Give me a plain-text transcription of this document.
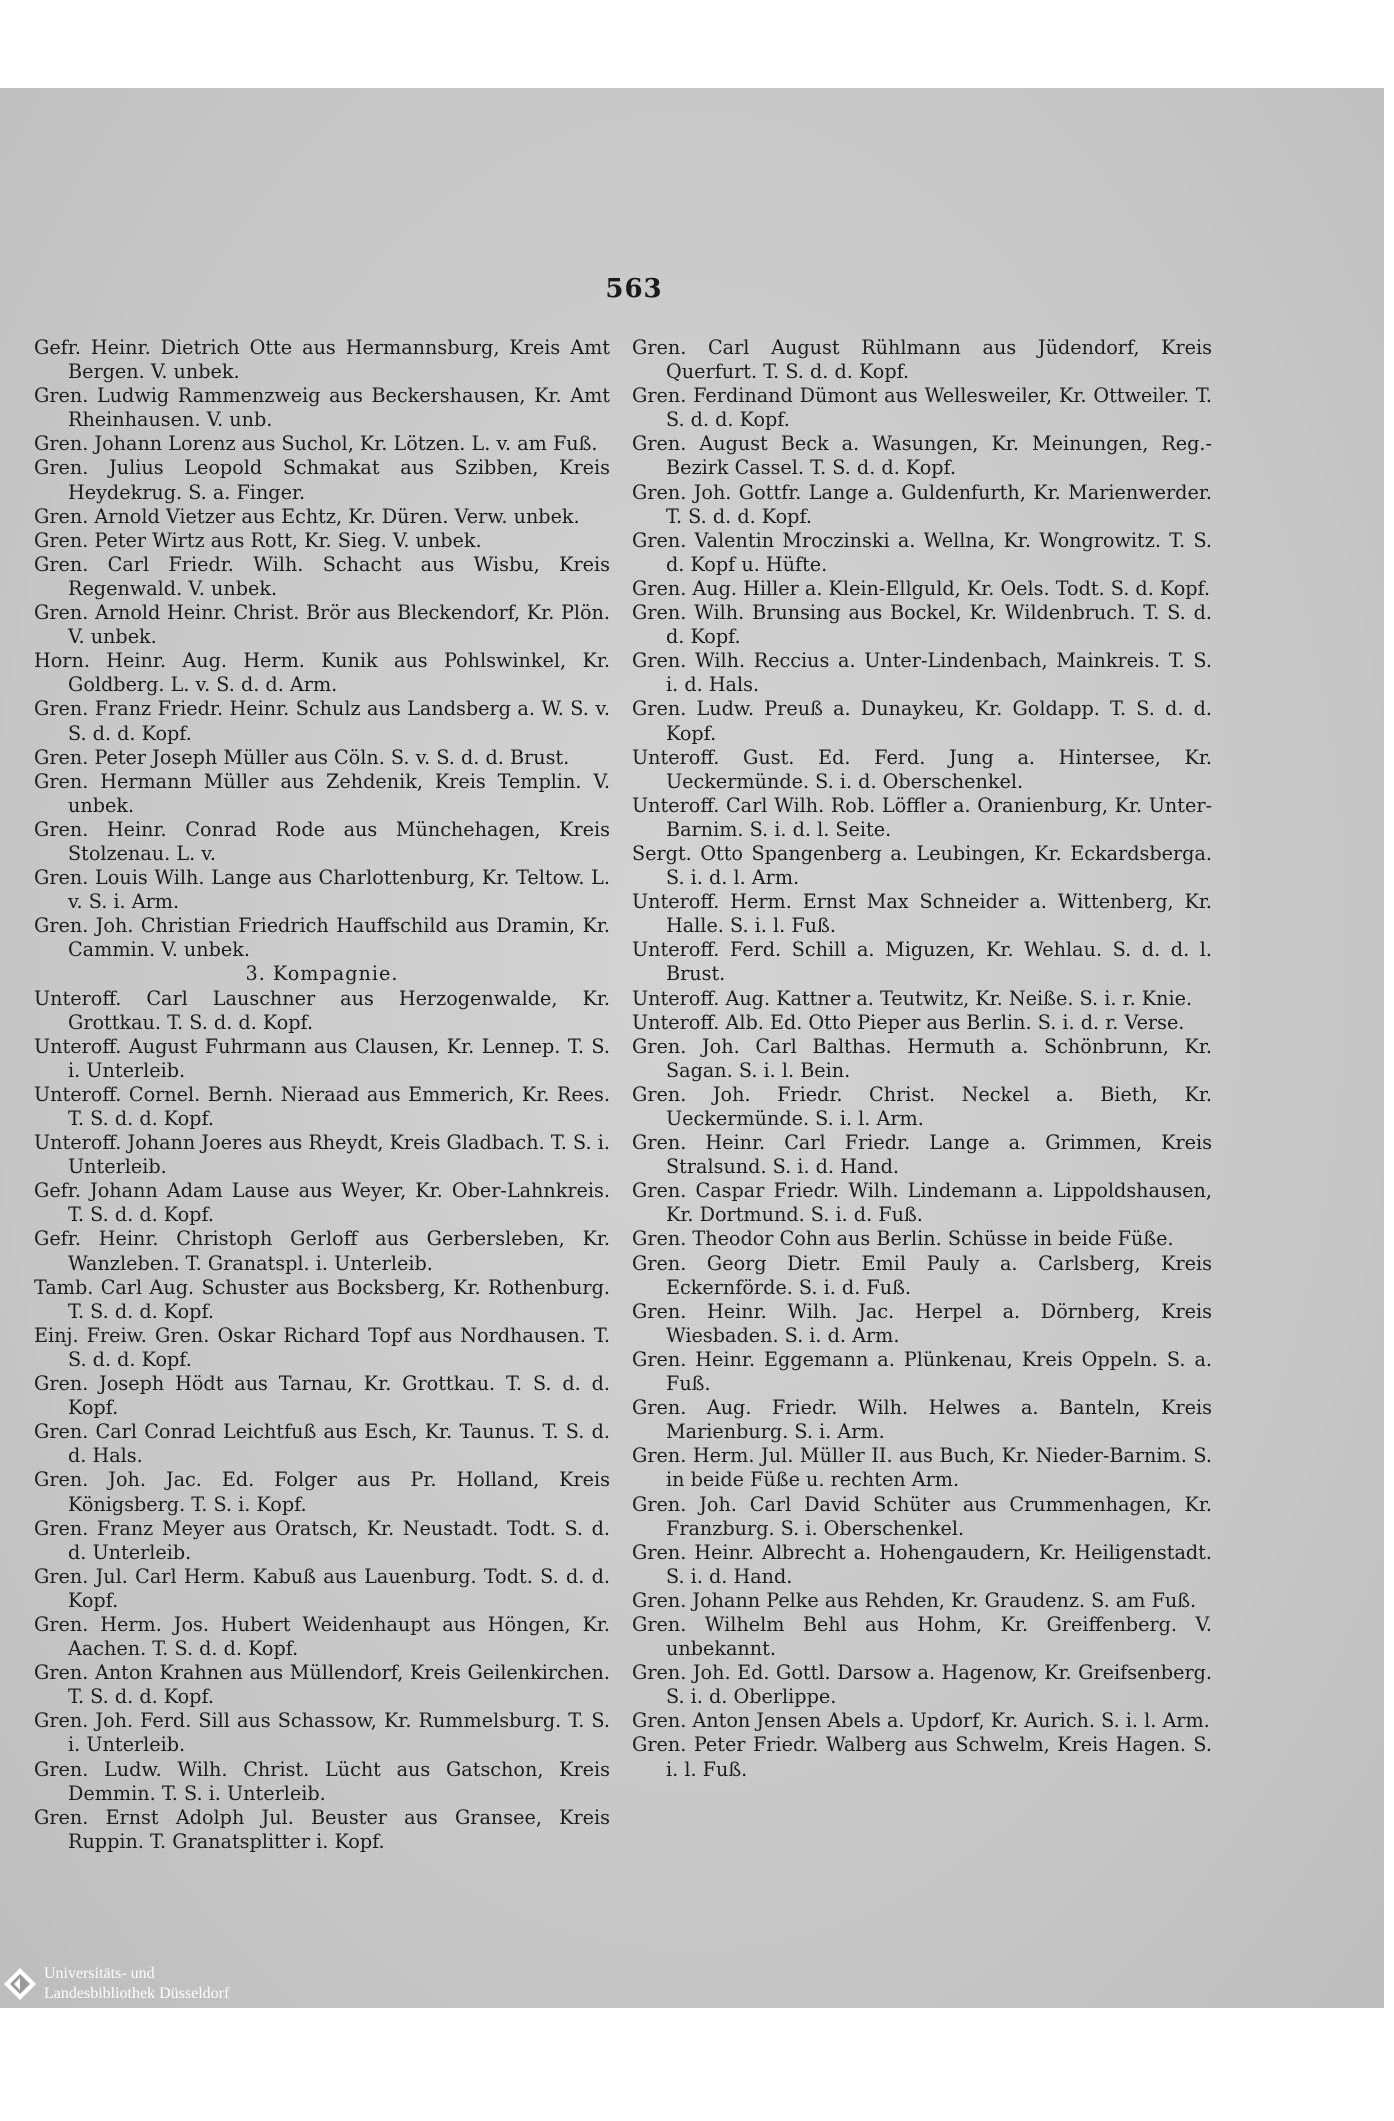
563

Gefr. Heinr. Dietrich Otte aus Hermannsburg, Kreis Amt Bergen. V. unbek.

Gren. Ludwig Rammenzweig aus Beckershausen, Kr. Amt Rheinhausen. V. unb.

Gren. Johann Lorenz aus Suchol, Kr. Lötzen. L. v. am Fuß.

Gren. Julius Leopold Schmakat aus Szibben, Kreis Heydekrug. S. a. Finger.

Gren. Arnold Vietzer aus Echtz, Kr. Düren. Verw. unbek.

Gren. Peter Wirtz aus Rott, Kr. Sieg. V. unbek.

Gren. Carl Friedr. Wilh. Schacht aus Wisbu, Kreis Regenwald. V. unbek.

Gren. Arnold Heinr. Christ. Brör aus Bleckendorf, Kr. Plön. V. unbek.

Horn. Heinr. Aug. Herm. Kunik aus Pohlswinkel, Kr. Goldberg. L. v. S. d. d. Arm.

Gren. Franz Friedr. Heinr. Schulz aus Landsberg a. W. S. v. S. d. d. Kopf.

Gren. Peter Joseph Müller aus Cöln. S. v. S. d. d. Brust.

Gren. Hermann Müller aus Zehdenik, Kreis Templin. V. unbek.

Gren. Heinr. Conrad Rode aus Münchehagen, Kreis Stolzenau. L. v.

Gren. Louis Wilh. Lange aus Charlottenburg, Kr. Teltow. L. v. S. i. Arm.

Gren. Joh. Christian Friedrich Hauffschild aus Dramin, Kr. Cammin. V. unbek.

3. Kompagnie.

Unteroff. Carl Lauschner aus Herzogenwalde, Kr. Grottkau. T. S. d. d. Kopf.

Unteroff. August Fuhrmann aus Clausen, Kr. Lennep. T. S. i. Unterleib.

Unteroff. Cornel. Bernh. Nieraad aus Emmerich, Kr. Rees. T. S. d. d. Kopf.

Unteroff. Johann Joeres aus Rheydt, Kreis Gladbach. T. S. i. Unterleib.

Gefr. Johann Adam Lause aus Weyer, Kr. Ober-Lahnkreis. T. S. d. d. Kopf.

Gefr. Heinr. Christoph Gerloff aus Gerbersleben, Kr. Wanzleben. T. Granatspl. i. Unterleib.

Tamb. Carl Aug. Schuster aus Bocksberg, Kr. Rothenburg. T. S. d. d. Kopf.

Einj. Freiw. Gren. Oskar Richard Topf aus Nordhausen. T. S. d. d. Kopf.

Gren. Joseph Hödt aus Tarnau, Kr. Grottkau. T. S. d. d. Kopf.

Gren. Carl Conrad Leichtfuß aus Esch, Kr. Taunus. T. S. d. d. Hals.

Gren. Joh. Jac. Ed. Folger aus Pr. Holland, Kreis Königsberg. T. S. i. Kopf.

Gren. Franz Meyer aus Oratsch, Kr. Neustadt. Todt. S. d. d. Unterleib.

Gren. Jul. Carl Herm. Kabuß aus Lauenburg. Todt. S. d. d. Kopf.

Gren. Herm. Jos. Hubert Weidenhaupt aus Höngen, Kr. Aachen. T. S. d. d. Kopf.

Gren. Anton Krahnen aus Müllendorf, Kreis Geilenkirchen. T. S. d. d. Kopf.

Gren. Joh. Ferd. Sill aus Schassow, Kr. Rummelsburg. T. S. i. Unterleib.

Gren. Ludw. Wilh. Christ. Lücht aus Gatschon, Kreis Demmin. T. S. i. Unterleib.

Gren. Ernst Adolph Jul. Beuster aus Gransee, Kreis Ruppin. T. Granatsplitter i. Kopf.

Gren. Carl August Rühlmann aus Jüdendorf, Kreis Querfurt. T. S. d. d. Kopf.

Gren. Ferdinand Dümont aus Wellesweiler, Kr. Ottweiler. T. S. d. d. Kopf.

Gren. August Beck a. Wasungen, Kr. Meinungen, Reg.-Bezirk Cassel. T. S. d. d. Kopf.

Gren. Joh. Gottfr. Lange a. Guldenfurth, Kr. Marienwerder. T. S. d. d. Kopf.

Gren. Valentin Mroczinski a. Wellna, Kr. Wongrowitz. T. S. d. Kopf u. Hüfte.

Gren. Aug. Hiller a. Klein-Ellguld, Kr. Oels. Todt. S. d. Kopf.

Gren. Wilh. Brunsing aus Bockel, Kr. Wildenbruch. T. S. d. d. Kopf.

Gren. Wilh. Reccius a. Unter-Lindenbach, Mainkreis. T. S. i. d. Hals.

Gren. Ludw. Preuß a. Dunaykeu, Kr. Goldapp. T. S. d. d. Kopf.

Unteroff. Gust. Ed. Ferd. Jung a. Hintersee, Kr. Ueckermünde. S. i. d. Oberschenkel.

Unteroff. Carl Wilh. Rob. Löffler a. Oranienburg, Kr. Unter-Barnim. S. i. d. l. Seite.

Sergt. Otto Spangenberg a. Leubingen, Kr. Eckardsberga. S. i. d. l. Arm.

Unteroff. Herm. Ernst Max Schneider a. Wittenberg, Kr. Halle. S. i. l. Fuß.

Unteroff. Ferd. Schill a. Miguzen, Kr. Wehlau. S. d. d. l. Brust.

Unteroff. Aug. Kattner a. Teutwitz, Kr. Neiße. S. i. r. Knie.

Unteroff. Alb. Ed. Otto Pieper aus Berlin. S. i. d. r. Verse.

Gren. Joh. Carl Balthas. Hermuth a. Schönbrunn, Kr. Sagan. S. i. l. Bein.

Gren. Joh. Friedr. Christ. Neckel a. Bieth, Kr. Ueckermünde. S. i. l. Arm.

Gren. Heinr. Carl Friedr. Lange a. Grimmen, Kreis Stralsund. S. i. d. Hand.

Gren. Caspar Friedr. Wilh. Lindemann a. Lippoldshausen, Kr. Dortmund. S. i. d. Fuß.

Gren. Theodor Cohn aus Berlin. Schüsse in beide Füße.

Gren. Georg Dietr. Emil Pauly a. Carlsberg, Kreis Eckernförde. S. i. d. Fuß.

Gren. Heinr. Wilh. Jac. Herpel a. Dörnberg, Kreis Wiesbaden. S. i. d. Arm.

Gren. Heinr. Eggemann a. Plünkenau, Kreis Oppeln. S. a. Fuß.

Gren. Aug. Friedr. Wilh. Helwes a. Banteln, Kreis Marienburg. S. i. Arm.

Gren. Herm. Jul. Müller II. aus Buch, Kr. Nieder-Barnim. S. in beide Füße u. rechten Arm.

Gren. Joh. Carl David Schüter aus Crummenhagen, Kr. Franzburg. S. i. Oberschenkel.

Gren. Heinr. Albrecht a. Hohengaudern, Kr. Heiligenstadt. S. i. d. Hand.

Gren. Johann Pelke aus Rehden, Kr. Graudenz. S. am Fuß.

Gren. Wilhelm Behl aus Hohm, Kr. Greiffenberg. V. unbekannt.

Gren. Joh. Ed. Gottl. Darsow a. Hagenow, Kr. Greifsenberg. S. i. d. Oberlippe.

Gren. Anton Jensen Abels a. Updorf, Kr. Aurich. S. i. l. Arm.

Gren. Peter Friedr. Walberg aus Schwelm, Kreis Hagen. S. i. l. Fuß.

Universitäts- und
Landesbibliothek Düsseldorf
